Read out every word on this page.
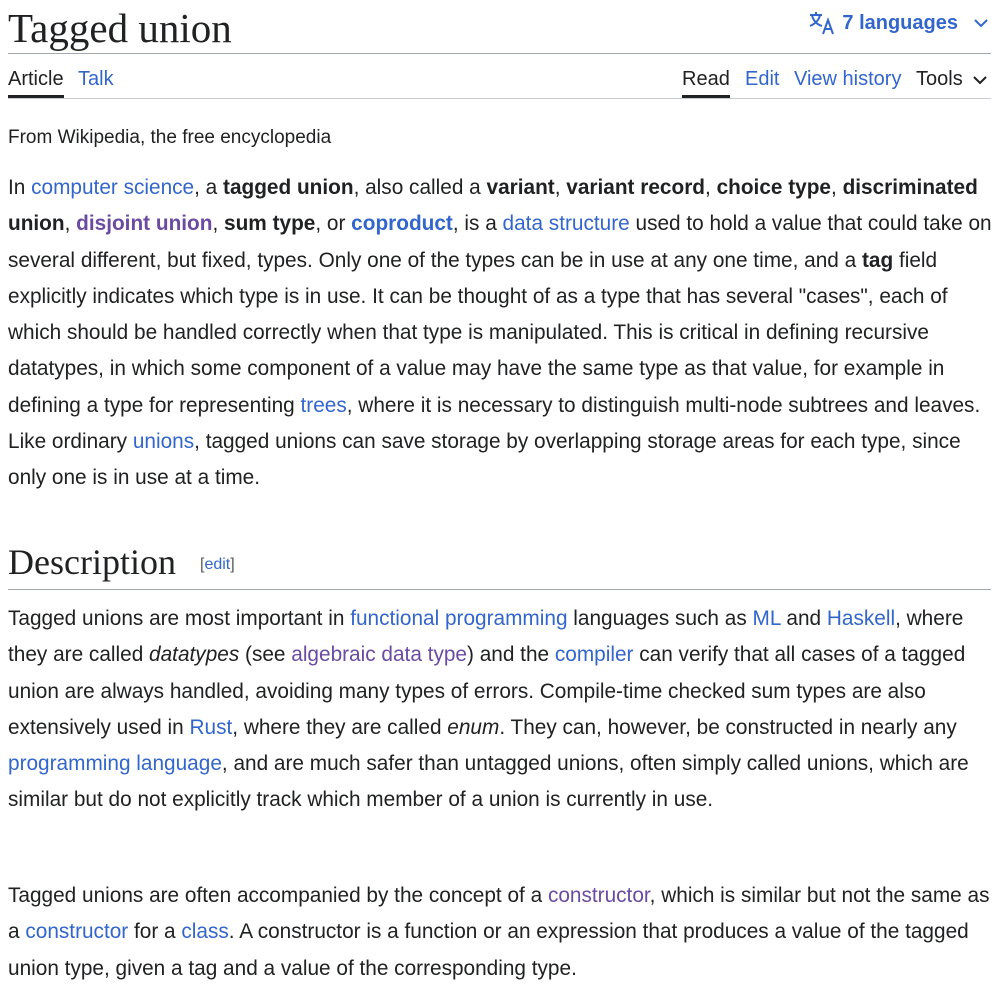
Tagged union	7 languages
Article Talk	Read Edit View history Tools
From Wikipedia, the free encyclopedia

In computer science, a tagged union, also called a variant, variant record, choice type, discriminated union, disjoint union, sum type, or coproduct, is a data structure used to hold a value that could take on several different, but fixed, types. Only one of the types can be in use at any one time, and a tag field explicitly indicates which type is in use. It can be thought of as a type that has several "cases", each of which should be handled correctly when that type is manipulated. This is critical in defining recursive datatypes, in which some component of a value may have the same type as that value, for example in defining a type for representing trees, where it is necessary to distinguish multi-node subtrees and leaves. Like ordinary unions, tagged unions can save storage by overlapping storage areas for each type, since only one is in use at a time.

Description [edit]

Tagged unions are most important in functional programming languages such as ML and Haskell, where they are called datatypes (see algebraic data type) and the compiler can verify that all cases of a tagged union are always handled, avoiding many types of errors. Compile-time checked sum types are also extensively used in Rust, where they are called enum. They can, however, be constructed in nearly any programming language, and are much safer than untagged unions, often simply called unions, which are similar but do not explicitly track which member of a union is currently in use.

Tagged unions are often accompanied by the concept of a constructor, which is similar but not the same as a constructor for a class. A constructor is a function or an expression that produces a value of the tagged union type, given a tag and a value of the corresponding type.
